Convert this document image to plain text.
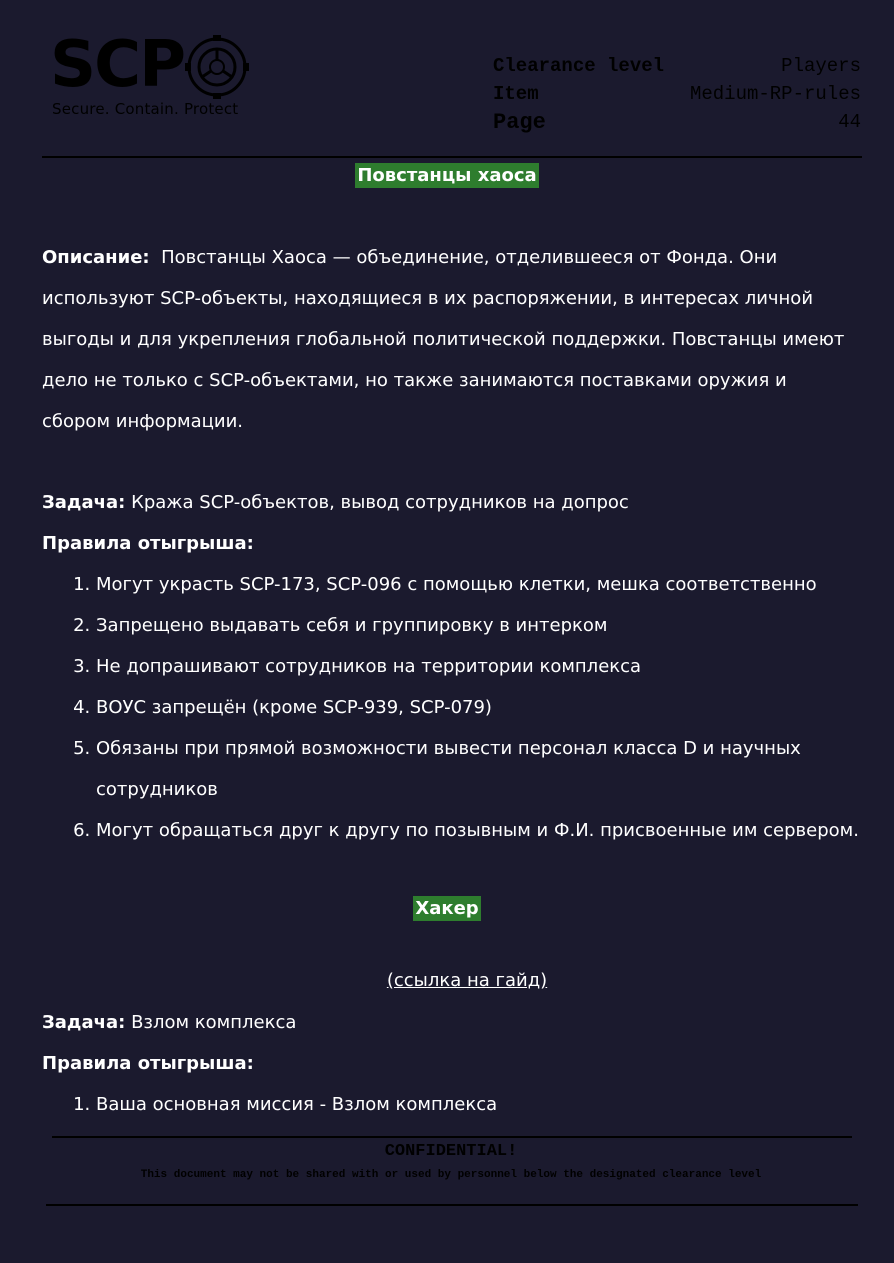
SCP
Secure. Contain. Protect
Clearance level	Players
Item	Medium-RP-rules
Page	44
Повстанцы хаоса
Описание: Повстанцы Хаоса — объединение, отделившееся от Фонда. Они используют SCP-объекты, находящиеся в их распоряжении, в интересах личной выгоды и для укрепления глобальной политической поддержки. Повстанцы имеют дело не только с SCP-объектами, но также занимаются поставками оружия и сбором информации.
Задача: Кража SCP-объектов, вывод сотрудников на допрос
Правила отыгрыша:
1. Могут украсть SCP-173, SCP-096 с помощью клетки, мешка соответственно
2. Запрещено выдавать себя и группировку в интерком
3. Не допрашивают сотрудников на территории комплекса
4. ВОУС запрещён (кроме SCP-939, SCP-079)
5. Обязаны при прямой возможности вывести персонал класса D и научных сотрудников
6. Могут обращаться друг к другу по позывным и Ф.И. присвоенные им сервером.
Хакер
(ссылка на гайд)
Задача: Взлом комплекса
Правила отыгрыша:
1. Ваша основная миссия - Взлом комплекса
CONFIDENTIAL!
This document may not be shared with or used by personnel below the designated clearance level
